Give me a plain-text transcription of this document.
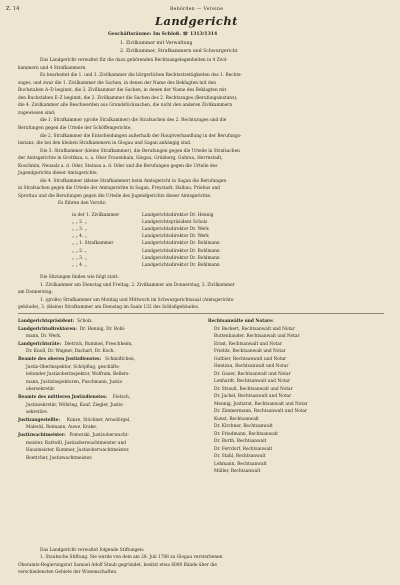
Z. 14	Behörden — Vereine
Landgericht
Geschäftsräume: Im Schloß. ☏ 1313/1314
1. Zivilkammer mit Verwaltung
2. Zivilkammer, Strafkammern und Schwurgericht
Das Landgericht verwaltet für die dazu gehörenden Rechtsangelegenheiten in 4 Zivil-
kammern und 4 Strafkammern.
Es bearbeitet die 1. und 3. Zivilkammer die bürgerlichen Rechtsstreitigkeiten des 1. Rechts-
zuges, und zwar die 1. Zivilkammer die Sachen, in denen der Name des Beklagten mit den
Buchstaben A–D beginnt, die 3. Zivilkammer die Sachen, in denen der Name des Beklagten mit
den Buchstaben E–Z beginnt; die 2. Zivilkammer die Sachen des 2. Rechtszuges (Berufungsinstanz);
die 4. Zivilkammer alle Beschwerden aus Grundstücksachen, die nicht den anderen Zivilkammern
zugewiesen sind;
die 1. Strafkammer (große Strafkammer) die Strafsachen des 2. Rechtszuges und die
Berufungen gegen die Urteile der Schöffengerichte,
die 2. Strafkammer die Entscheidungen außerhalb der Hauptverhandlung in der Berufungs-
instanz, die bei den kleinen Strafkammern in Glogau und Sagan anhängig sind.
Die 3. Strafkammer (kleine Strafkammer), die Berufungen gegen die Urteile in Strafsachen
der Amtsgerichte in Grottkau, u. a. Ober Frauenhain, Glogau, Grünberg, Guhrau, Herrnstadt,
Koschmin, Neusalz a. d. Oder, Steinau a. d. Oder und die Berufungen gegen die Urteile des
Jugendgerichts dieser Amtsgerichte,
die 4. Strafkammer (kleine Strafkammer) beim Amtsgericht in Sagan die Berufungen
in Strafsachen gegen die Urteile der Amtsgerichte in Sagan, Freystadt, Halbau, Priebus und
Sprottau und die Berufungen gegen die Urteile des Jugendgerichts dieser Amtsgerichte.
Es führen den Vorsitz:
in der 1. Zivilkammer	Landgerichtsdirektor Dr. Hennig
„ „ 2. „	Landgerichtspräsident Scholz
„ „ 3. „	Landgerichtsdirektor Dr. Werk
„ „ 4. „	Landgerichtsdirektor Dr. Werk
„ „ 1. Strafkammer	Landgerichtsdirektor Dr. Bohlmann
„ „ 2. „	Landgerichtsdirektor Dr. Bohlmann
„ „ 3. „	Landgerichtsdirektor Dr. Bohlmann
„ „ 4. „	Landgerichtsdirektor Dr. Bohlmann
Die Sitzungen finden wie folgt statt:
1. Zivilkammer am Dienstag und Freitag, 2. Zivilkammer am Donnerstag, 3. Zivilkammer
am Donnerstag;
1. (große) Strafkammer am Montag und Mittwoch im Schwurgerichtssaal (Amtsgerichts-
gebäude), 3. (kleine) Strafkammer am Dienstag im Saale 132 des Schloßgebäudes.
Landgerichtspräsident: Scholz.
Landgerichtsdirektoren: Dr. Hennig, Dr. Bohl-
mann, Dr. Werk.
Landgerichtsräte: Dietrich, Bummel, Freschheim,
Dr. Knoll, Dr. Wagner, Dachart, Dr. Koch.
Beamte des oberen Justizdienstes: Schmidtchen,
Justiz-Oberinspektor, Schöpflug, geschäfts-
leitender Justizoberinspektor, Wolfram, Bellers-
mann, Justizinspektoren, Puschmann, Justiz-
obersekretär.
Beamte des mittleren Justizdienstes: Fietsch,
Justizsekretär, Wöhring, Kauf, Ziegler, Justiz-
sekretäre.
Justizangestellte: Kunze, Stöckner, Arnsdörgel,
Malecki, Reimann, Auwe, Krake.
Justizwachtmeister: Pomorski, Justizoberwacht-
meister, Rattwill, Justizoberwachtmeister und
Hausmeister, Kummer, Justizoberwachtmeister,
Boettcher, Justizwachtmeister.
Rechtsanwälte und Notare:
Dr. Beckert, Rechtsanwalt und Notar
Buttenhauder, Rechtsanwalt und Notar
Ernst, Rechtsanwalt und Notar
Frielitz, Rechtsanwalt und Notar
Gutbier, Rechtsanwalt und Notar
Hentzau, Rechtsanwalt und Notar
Dr. Gauer, Rechtsanwalt und Notar
Lenhardt, Rechtsanwalt und Notar
Dr. Strauß, Rechtsanwalt und Notar
Dr. Jachel, Rechtsanwalt und Notar
Mennig, Justizrat, Rechtsanwalt und Notar
Dr. Zimmermann, Rechtsanwalt und Notar
Kunst, Rechtsanwalt
Dr. Kirchner, Rechtsanwalt
Dr. Friedmann, Rechtsanwalt
Dr. Borth, Rechtsanwalt
Dr. Ferrdorf, Rechtsanwalt
Dr. Stahl, Rechtsanwalt
Lehmann, Rechtsanwalt
Müller, Rechtsanwalt
Das Landgericht verwaltet folgende Stiftungen:
1. Staubsche Stiftung. Sie wurde von dem am 28. Juli 1788 zu Glogau verstorbenen
Oberamts-Regierungsrat Samuel Adolf Staub gegründet, besitzt etwa 6000 Bände über die
verschiedensten Gebiete der Wissenschaften.
